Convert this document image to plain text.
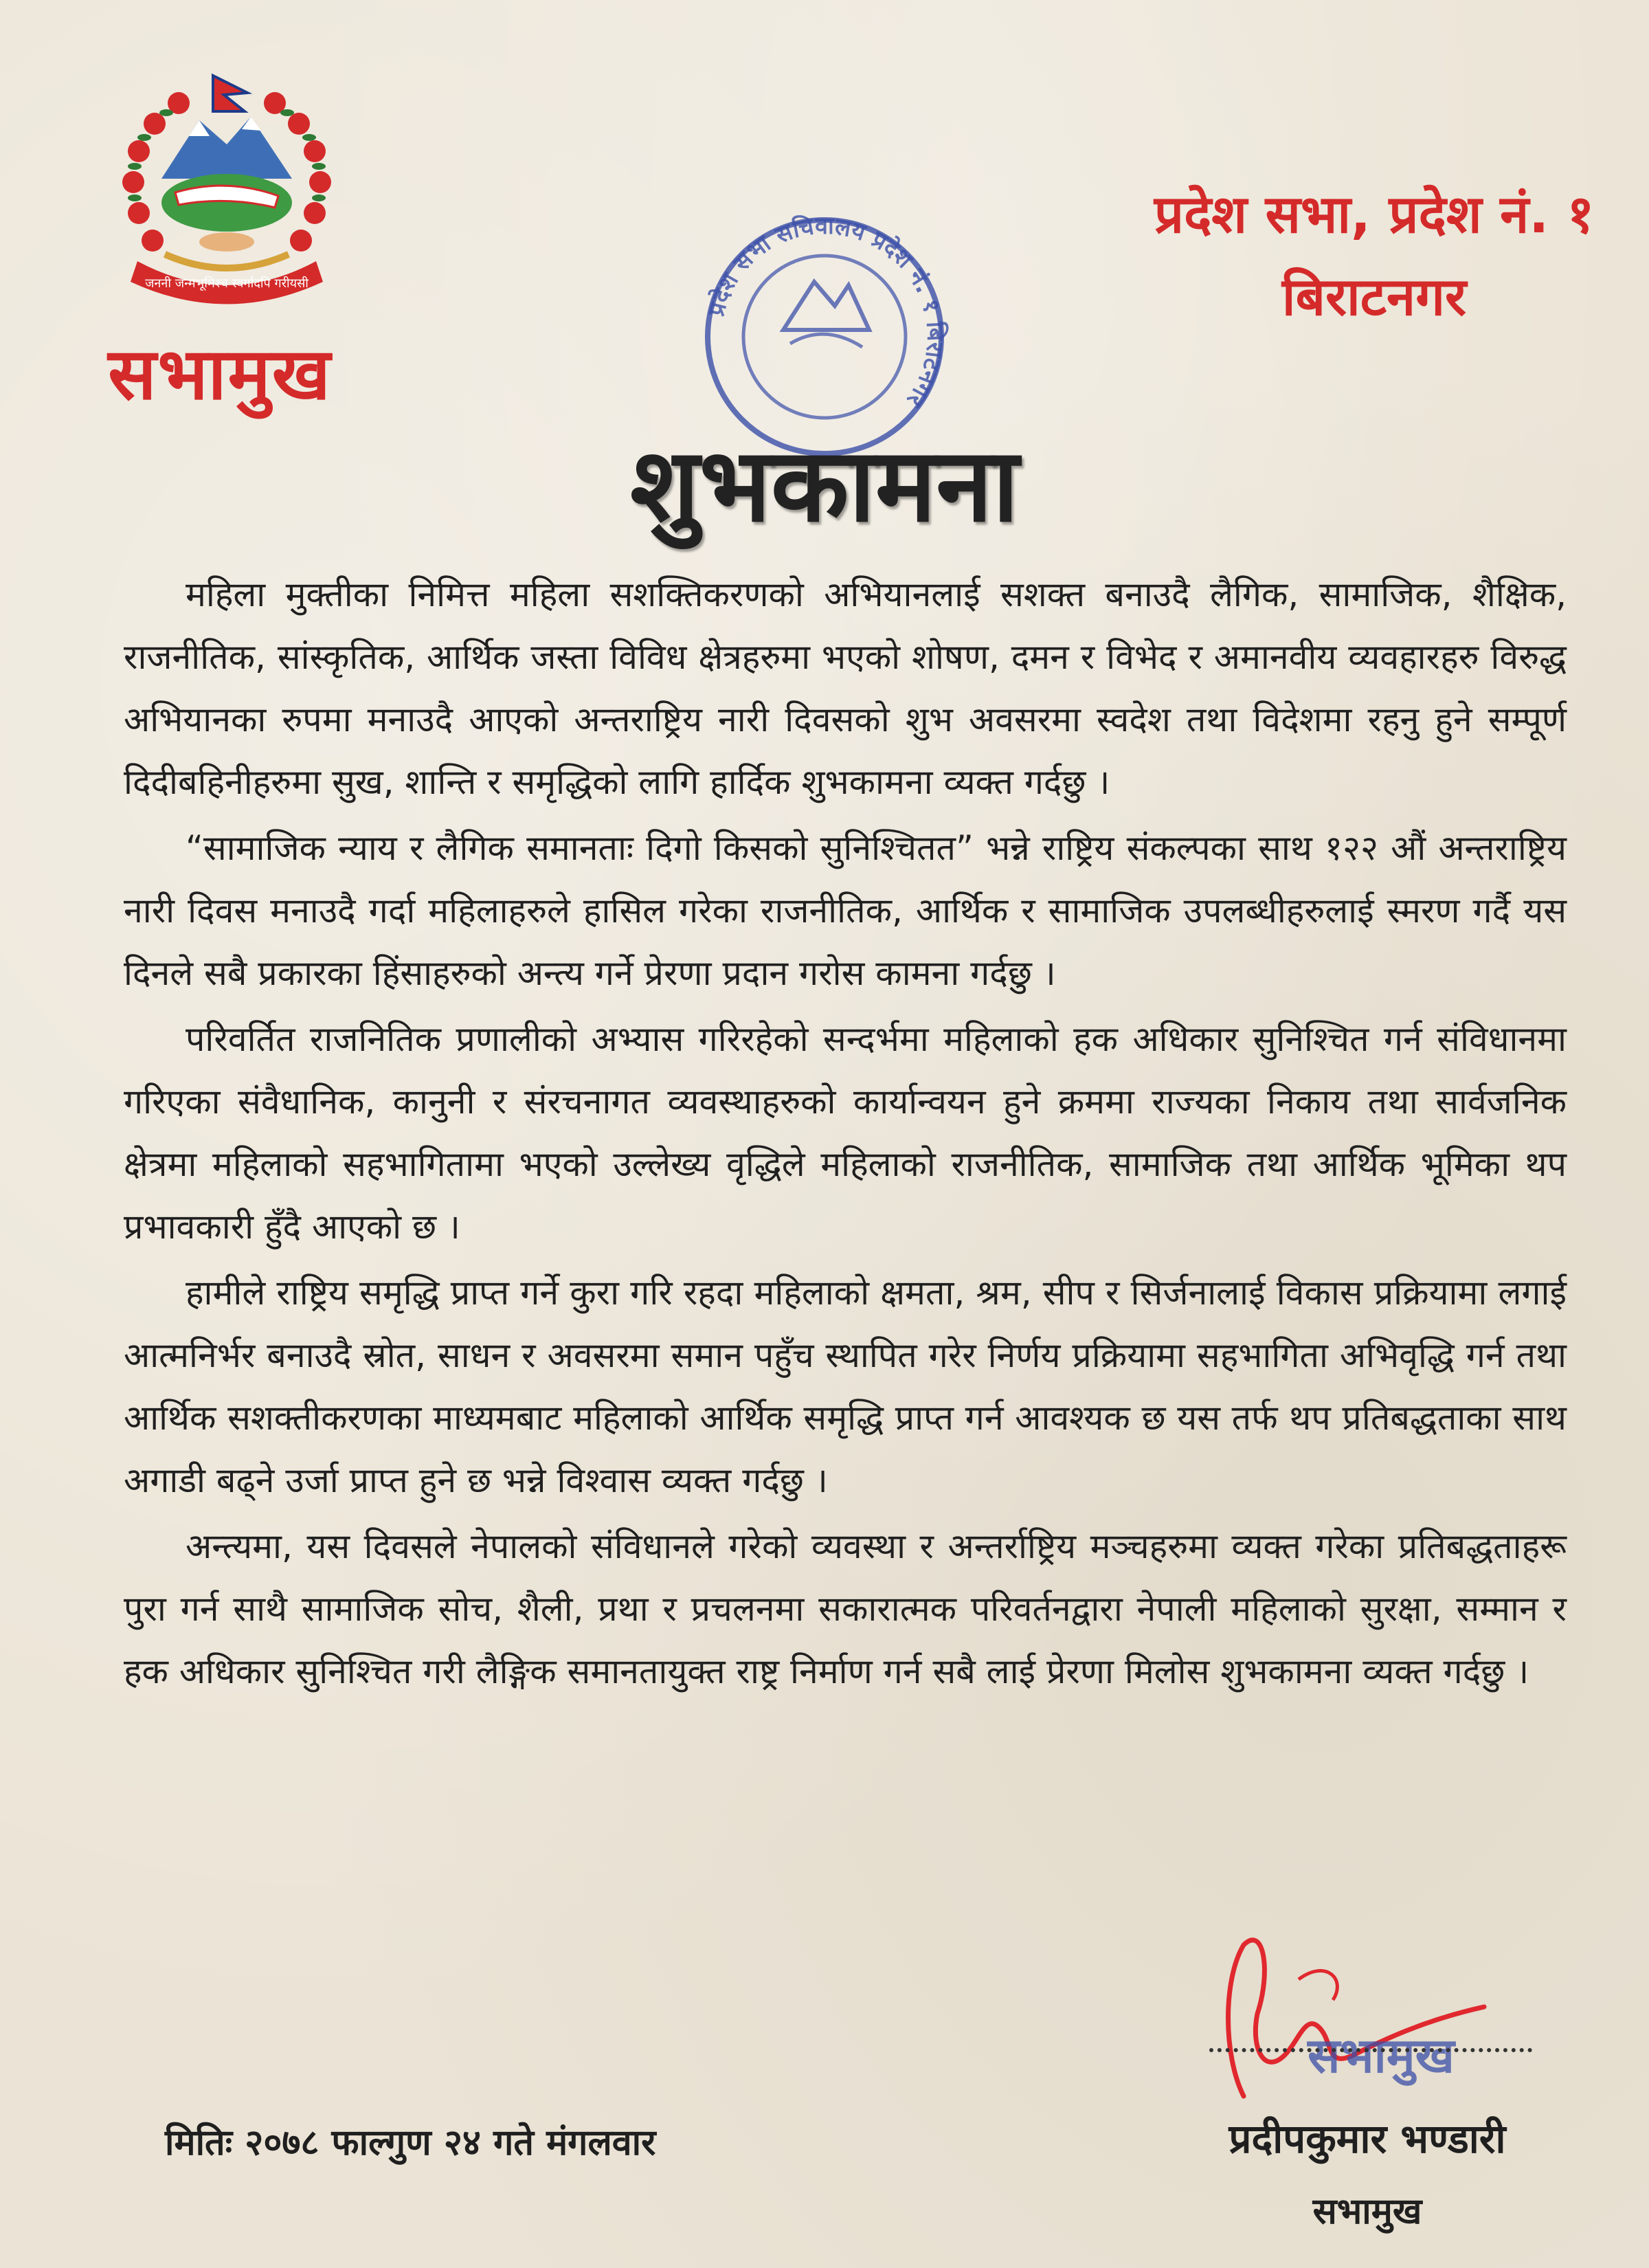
जननी जन्मभूमिश्च स्वर्गादपि गरीयसी
सभामुख
प्रदेश सभा, प्रदेश नं. १
बिराटनगर
प्रदेश सभा सचिवालय प्रदेश नं. १ बिराटनगर
शुभकामना

महिला मुक्तीका निमित्त महिला सशक्तिकरणको अभियानलाई सशक्त बनाउदै लैगिक, सामाजिक, शैक्षिक, राजनीतिक, सांस्कृतिक, आर्थिक जस्ता विविध क्षेत्रहरुमा भएको शोषण, दमन र विभेद र अमानवीय व्यवहारहरु विरुद्ध अभियानका रुपमा मनाउदै आएको अन्तराष्ट्रिय नारी दिवसको शुभ अवसरमा स्वदेश तथा विदेशमा रहनु हुने सम्पूर्ण दिदीबहिनीहरुमा सुख, शान्ति र समृद्धिको लागि हार्दिक शुभकामना व्यक्त गर्दछु ।

“सामाजिक न्याय र लैगिक समानताः दिगो किसको सुनिश्चितत” भन्ने राष्ट्रिय संकल्पका साथ १२२ औं अन्तराष्ट्रिय नारी दिवस मनाउदै गर्दा महिलाहरुले हासिल गरेका राजनीतिक, आर्थिक र सामाजिक उपलब्धीहरुलाई स्मरण गर्दै यस दिनले सबै प्रकारका हिंसाहरुको अन्त्य गर्ने प्रेरणा प्रदान गरोस कामना गर्दछु ।

परिवर्तित राजनितिक प्रणालीको अभ्यास गरिरहेको सन्दर्भमा महिलाको हक अधिकार सुनिश्चित गर्न संविधानमा गरिएका संवैधानिक, कानुनी र संरचनागत व्यवस्थाहरुको कार्यान्वयन हुने क्रममा राज्यका निकाय तथा सार्वजनिक क्षेत्रमा महिलाको सहभागितामा भएको उल्लेख्य वृद्धिले महिलाको राजनीतिक, सामाजिक तथा आर्थिक भूमिका थप प्रभावकारी हुँदै आएको छ ।

हामीले राष्ट्रिय समृद्धि प्राप्त गर्ने कुरा गरि रहदा महिलाको क्षमता, श्रम, सीप र सिर्जनालाई विकास प्रक्रियामा लगाई आत्मनिर्भर बनाउदै स्रोत, साधन र अवसरमा समान पहुँच स्थापित गरेर निर्णय प्रक्रियामा सहभागिता अभिवृद्धि गर्न तथा आर्थिक सशक्तीकरणका माध्यमबाट महिलाको आर्थिक समृद्धि प्राप्त गर्न आवश्यक छ यस तर्फ थप प्रतिबद्धताका साथ अगाडी बढ्ने उर्जा प्राप्त हुने छ भन्ने विश्वास व्यक्त गर्दछु ।

अन्त्यमा, यस दिवसले नेपालको संविधानले गरेको व्यवस्था र अन्तर्राष्ट्रिय मञ्चहरुमा व्यक्त गरेका प्रतिबद्धताहरू पुरा गर्न साथै सामाजिक सोच, शैली, प्रथा र प्रचलनमा सकारात्मक परिवर्तनद्वारा नेपाली महिलाको सुरक्षा, सम्मान र हक अधिकार सुनिश्चित गरी लैङ्गिक समानतायुक्त राष्ट्र निर्माण गर्न सबै लाई प्रेरणा मिलोस शुभकामना व्यक्त गर्दछु ।

सभामुख
प्रदीपकुमार भण्डारी
सभामुख
मितिः २०७८ फाल्गुण २४ गते मंगलवार
